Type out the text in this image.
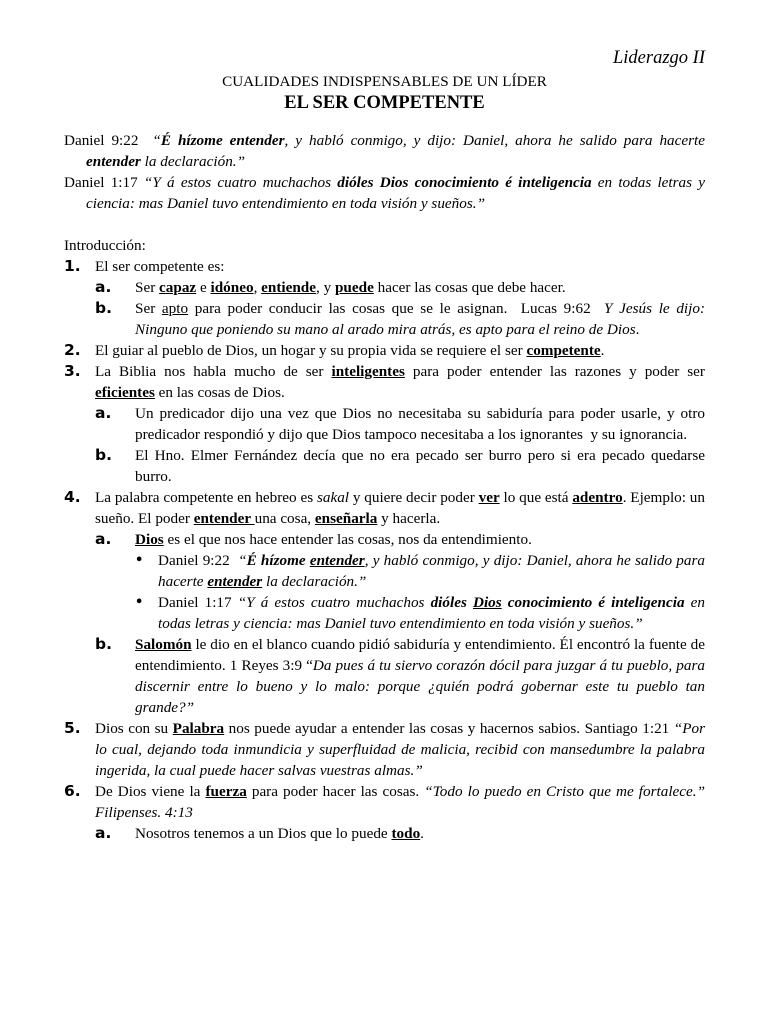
Liderazgo II

CUALIDADES INDISPENSABLES DE UN LÍDER

EL SER COMPETENTE

Daniel 9:22  “É hízome entender, y habló conmigo, y dijo: Daniel, ahora he salido para hacerte entender la declaración.”

Daniel 1:17 “Y á estos cuatro muchachos dióles Dios conocimiento é inteligencia en todas letras y ciencia: mas Daniel tuvo entendimiento en toda visión y sueños.”

Introducción:

1. El ser competente es:
a.	Ser capaz e idóneo, entiende, y puede hacer las cosas que debe hacer.
b.	Ser apto para poder conducir las cosas que se le asignan.  Lucas 9:62  Y Jesús le dijo: Ninguno que poniendo su mano al arado mira atrás, es apto para el reino de Dios.
2. El guiar al pueblo de Dios, un hogar y su propia vida se requiere el ser competente.
3. La Biblia nos habla mucho de ser inteligentes para poder entender las razones y poder ser eficientes en las cosas de Dios.
a.	Un predicador dijo una vez que Dios no necesitaba su sabiduría para poder usarle, y otro predicador respondió y dijo que Dios tampoco necesitaba a los ignorantes  y su ignorancia.
b.	El Hno. Elmer Fernández decía que no era pecado ser burro pero si era pecado quedarse burro.
4. La palabra competente en hebreo es sakal y quiere decir poder ver lo que está adentro. Ejemplo: un sueño. El poder entender una cosa, enseñarla y hacerla.
a.	Dios es el que nos hace entender las cosas, nos da entendimiento.
• Daniel 9:22  “É hízome entender, y habló conmigo, y dijo: Daniel, ahora he salido para hacerte entender la declaración.”
• Daniel 1:17 “Y á estos cuatro muchachos dióles Dios conocimiento é inteligencia en todas letras y ciencia: mas Daniel tuvo entendimiento en toda visión y sueños.”
b.	Salomón le dio en el blanco cuando pidió sabiduría y entendimiento. Él encontró la fuente de entendimiento. 1 Reyes 3:9 “Da pues á tu siervo corazón dócil para juzgar á tu pueblo, para discernir entre lo bueno y lo malo: porque ¿quién podrá gobernar este tu pueblo tan grande?”
5. Dios con su Palabra nos puede ayudar a entender las cosas y hacernos sabios. Santiago 1:21 “Por lo cual, dejando toda inmundicia y superfluidad de malicia, recibid con mansedumbre la palabra ingerida, la cual puede hacer salvas vuestras almas.”
6. De Dios viene la fuerza para poder hacer las cosas. “Todo lo puedo en Cristo que me fortalece.” Filipenses. 4:13
a.	Nosotros tenemos a un Dios que lo puede todo.
